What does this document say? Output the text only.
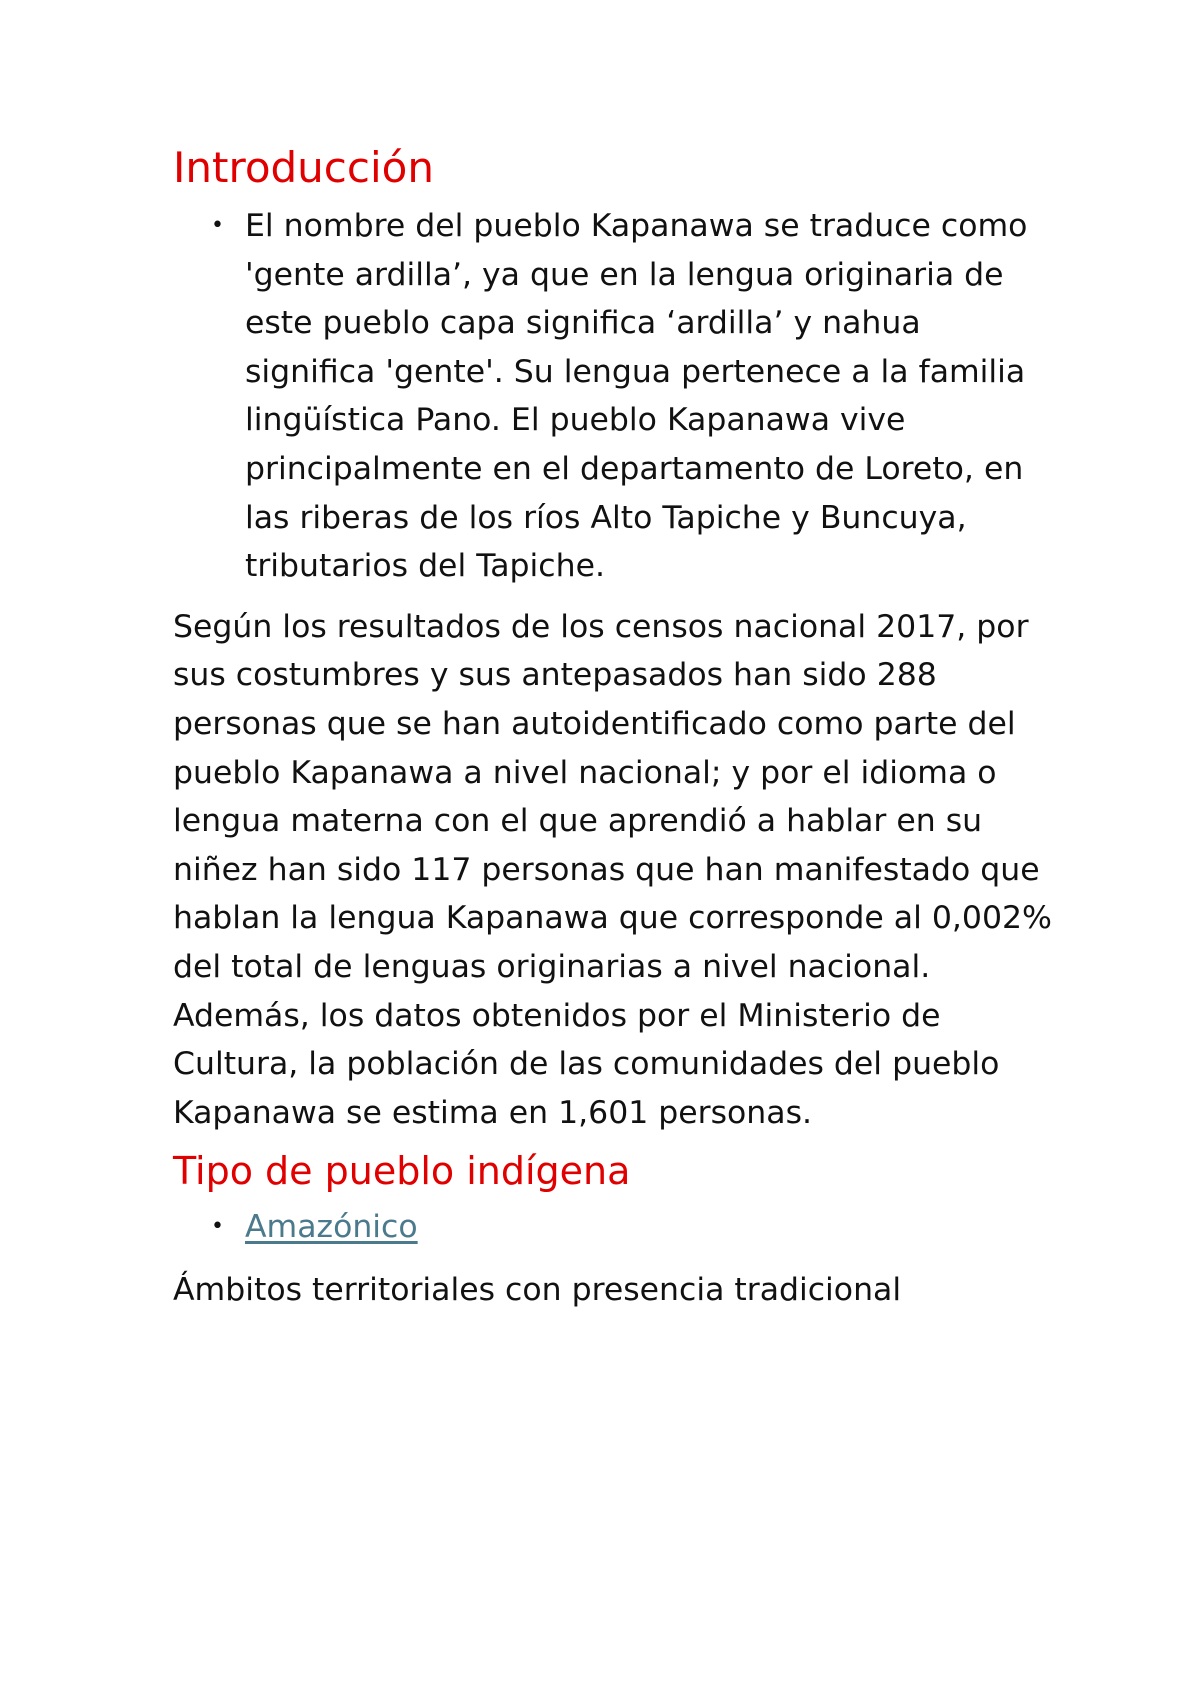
Introducción
• El nombre del pueblo Kapanawa se traduce como 'gente ardilla’, ya que en la lengua originaria de este pueblo capa significa ‘ardilla’ y nahua significa 'gente'. Su lengua pertenece a la familia lingüística Pano. El pueblo Kapanawa vive principalmente en el departamento de Loreto, en las riberas de los ríos Alto Tapiche y Buncuya, tributarios del Tapiche.

Según los resultados de los censos nacional 2017, por sus costumbres y sus antepasados han sido 288 personas que se han autoidentificado como parte del pueblo Kapanawa a nivel nacional; y por el idioma o lengua materna con el que aprendió a hablar en su niñez han sido 117 personas que han manifestado que hablan la lengua Kapanawa que corresponde al 0,002% del total de lenguas originarias a nivel nacional. Además, los datos obtenidos por el Ministerio de Cultura, la población de las comunidades del pueblo Kapanawa se estima en 1,601 personas.

Tipo de pueblo indígena
• Amazónico

Ámbitos territoriales con presencia tradicional
